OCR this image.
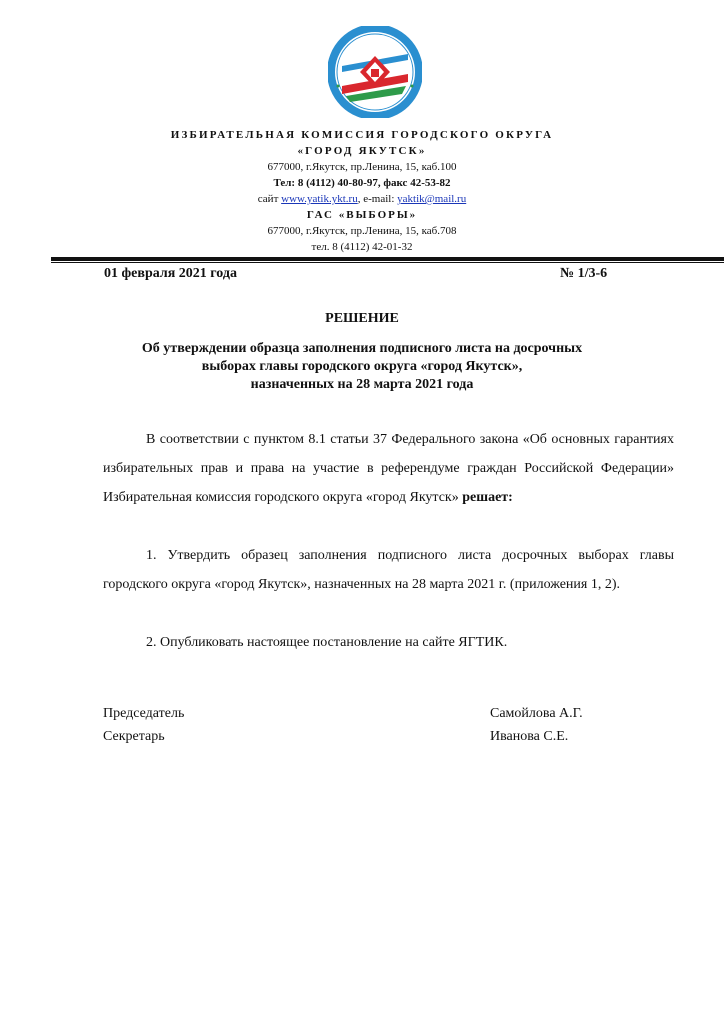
ИЗБИРАТЕЛЬНАЯ КОМИССИЯ ГОРОДСКОГО ОКРУГА
«ГОРОД ЯКУТСК»
677000, г.Якутск, пр.Ленина, 15, каб.100
Тел: 8 (4112) 40-80-97, факс 42-53-82
сайт www.yatik.ykt.ru, e-mail: yaktik@mail.ru
ГАС «ВЫБОРЫ»
677000, г.Якутск, пр.Ленина, 15, каб.708
тел. 8 (4112) 42-01-32
01 февраля 2021 года	№ 1/3-6
РЕШЕНИЕ
Об утверждении образца заполнения подписного листа на досрочных
выборах главы городского округа «город Якутск»,
назначенных на 28 марта 2021 года
В соответствии с пунктом 8.1 статьи 37 Федерального закона «Об основных гарантиях избирательных прав и права на участие в референдуме граждан Российской Федерации» Избирательная комиссия городского округа «город Якутск» решает:
1. Утвердить образец заполнения подписного листа досрочных выборах главы городского округа «город Якутск», назначенных на 28 марта 2021 г. (приложения 1, 2).
2. Опубликовать настоящее постановление на сайте ЯГТИК.
Председатель	Самойлова А.Г.
Секретарь	Иванова С.Е.
